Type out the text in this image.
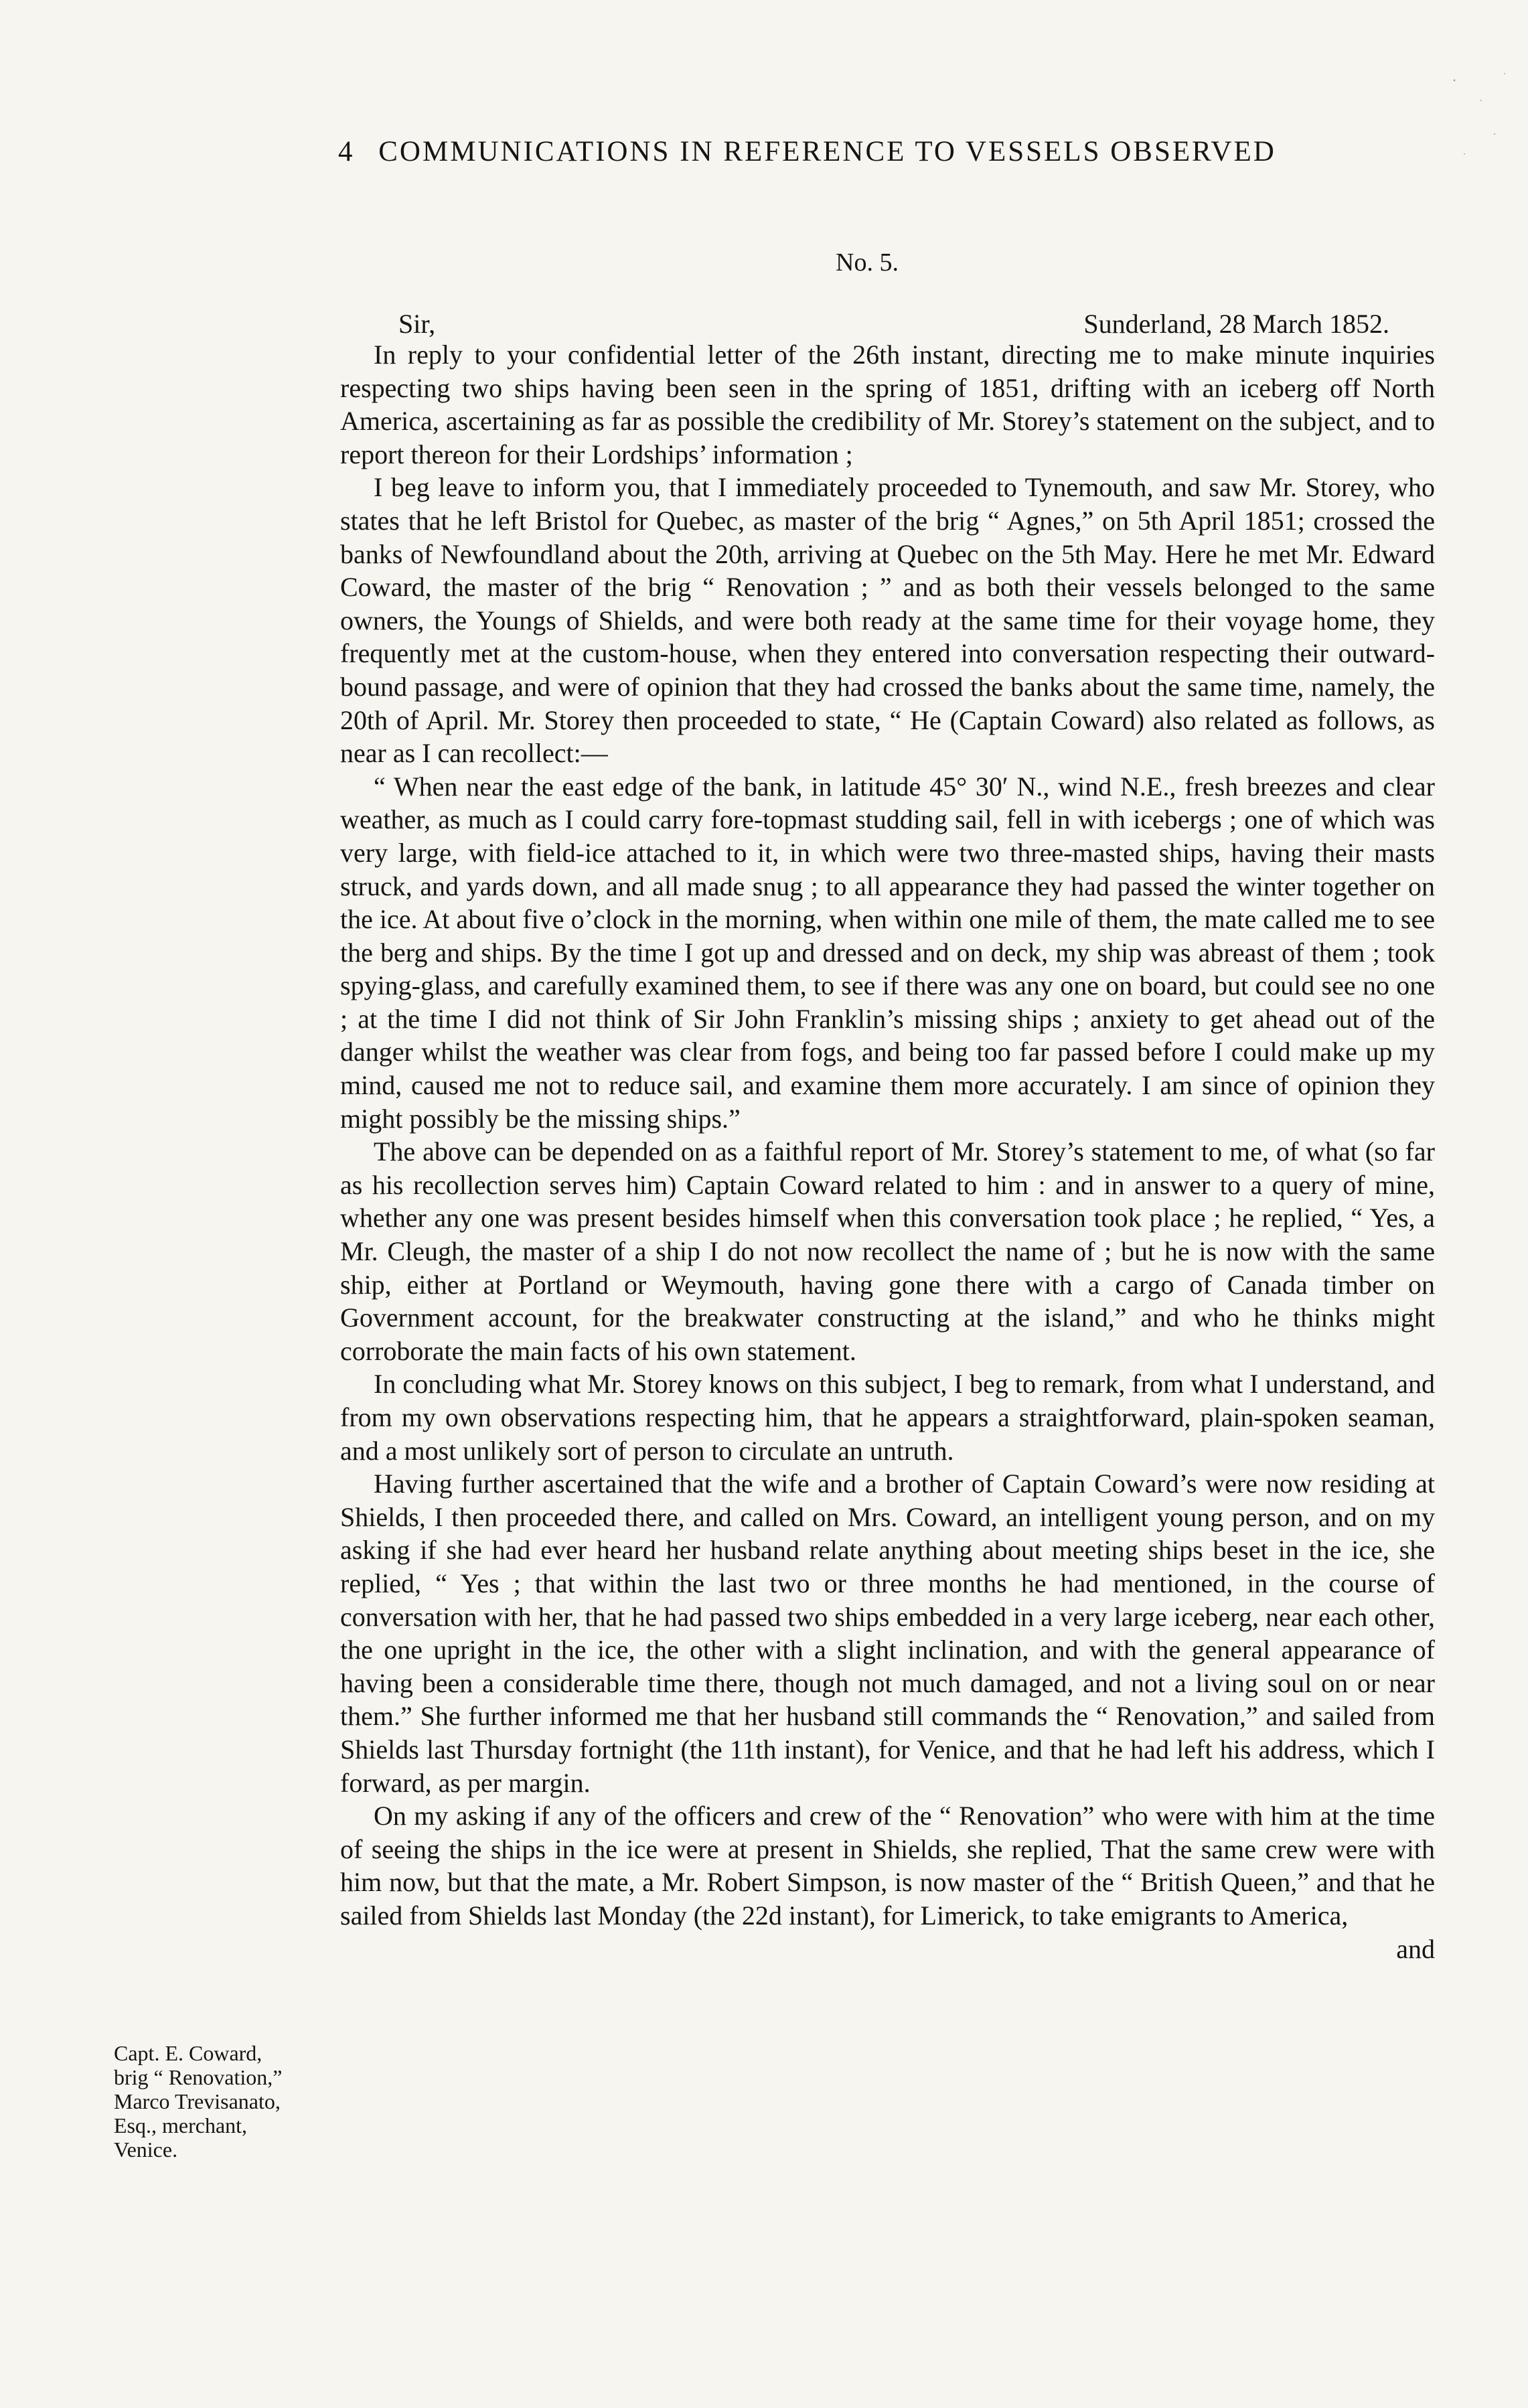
4 COMMUNICATIONS IN REFERENCE TO VESSELS OBSERVED
No. 5.
Sir,	Sunderland, 28 March 1852.

In reply to your confidential letter of the 26th instant, directing me to make minute inquiries respecting two ships having been seen in the spring of 1851, drifting with an iceberg off North America, ascertaining as far as possible the credibility of Mr. Storey’s statement on the subject, and to report thereon for their Lordships’ information ;

I beg leave to inform you, that I immediately proceeded to Tynemouth, and saw Mr. Storey, who states that he left Bristol for Quebec, as master of the brig “ Agnes,” on 5th April 1851; crossed the banks of Newfoundland about the 20th, arriving at Quebec on the 5th May. Here he met Mr. Edward Coward, the master of the brig “ Renovation ; ” and as both their vessels belonged to the same owners, the Youngs of Shields, and were both ready at the same time for their voyage home, they frequently met at the custom-house, when they entered into conversation respecting their outward-bound passage, and were of opinion that they had crossed the banks about the same time, namely, the 20th of April. Mr. Storey then proceeded to state, “ He (Captain Coward) also related as follows, as near as I can recollect:—

“ When near the east edge of the bank, in latitude 45° 30′ N., wind N.E., fresh breezes and clear weather, as much as I could carry fore-topmast studding sail, fell in with icebergs ; one of which was very large, with field-ice attached to it, in which were two three-masted ships, having their masts struck, and yards down, and all made snug ; to all appearance they had passed the winter together on the ice. At about five o’clock in the morning, when within one mile of them, the mate called me to see the berg and ships. By the time I got up and dressed and on deck, my ship was abreast of them ; took spying-glass, and carefully examined them, to see if there was any one on board, but could see no one ; at the time I did not think of Sir John Franklin’s missing ships ; anxiety to get ahead out of the danger whilst the weather was clear from fogs, and being too far passed before I could make up my mind, caused me not to reduce sail, and examine them more accurately. I am since of opinion they might possibly be the missing ships.”

The above can be depended on as a faithful report of Mr. Storey’s statement to me, of what (so far as his recollection serves him) Captain Coward related to him : and in answer to a query of mine, whether any one was present besides himself when this conversation took place ; he replied, “ Yes, a Mr. Cleugh, the master of a ship I do not now recollect the name of ; but he is now with the same ship, either at Portland or Weymouth, having gone there with a cargo of Canada timber on Government account, for the breakwater constructing at the island,” and who he thinks might corroborate the main facts of his own statement.

In concluding what Mr. Storey knows on this subject, I beg to remark, from what I understand, and from my own observations respecting him, that he appears a straightforward, plain-spoken seaman, and a most unlikely sort of person to circulate an untruth.

Having further ascertained that the wife and a brother of Captain Coward’s were now residing at Shields, I then proceeded there, and called on Mrs. Coward, an intelligent young person, and on my asking if she had ever heard her husband relate anything about meeting ships beset in the ice, she replied, “ Yes ; that within the last two or three months he had mentioned, in the course of conversation with her, that he had passed two ships embedded in a very large iceberg, near each other, the one upright in the ice, the other with a slight inclination, and with the general appearance of having been a considerable time there, though not much damaged, and not a living soul on or near them.” She further informed me that her husband still commands the “ Renovation,” and sailed from Shields last Thursday fortnight (the 11th instant), for Venice, and that he had left his address, which I forward, as per margin.

On my asking if any of the officers and crew of the “ Renovation” who were with him at the time of seeing the ships in the ice were at present in Shields, she replied, That the same crew were with him now, but that the mate, a Mr. Robert Simpson, is now master of the “ British Queen,” and that he sailed from Shields last Monday (the 22d instant), for Limerick, to take emigrants to America,

and

Capt. E. Coward,
brig “ Renovation,”
Marco Trevisanato,
Esq., merchant,
Venice.
